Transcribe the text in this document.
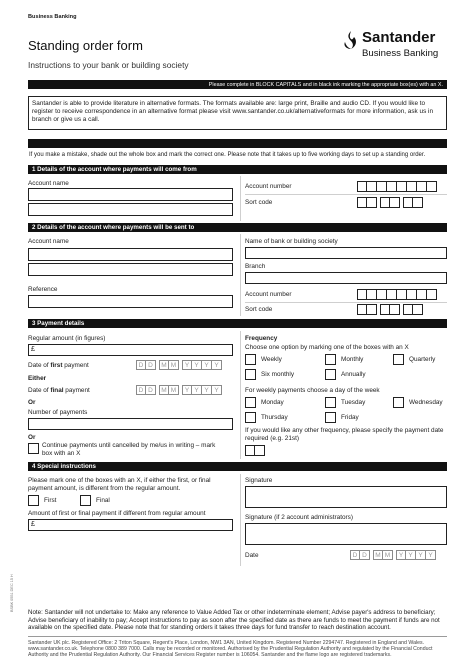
Business Banking
Standing order form
Instructions to your bank or building society
Santander
Business Banking
Please complete in BLOCK CAPITALS and in black ink marking the appropriate box(es) with an X.
Santander is able to provide literature in alternative formats. The formats available are: large print, Braille and audio CD. If you would like to register to receive correspondence in an alternative format please visit www.santander.co.uk/alternativeformats for more information, ask us in branch or give us a call.
If you make a mistake, shade out the whole box and mark the correct one. Please note that it takes up to five working days to set up a standing order.
1 Details of the account where payments will come from
Account name	Account number
Sort code
2 Details of the account where payments will be sent to
Account name
Reference
Name of bank or building society
Branch
Account number
Sort code
3 Payment details
Regular amount (in figures)
£
Date of first payment	D D	M M	Y Y Y Y
Either
Date of final payment	D D	M M	Y Y Y Y
Or
Number of payments
Or
Continue payments until cancelled by me/us in writing – mark box with an X
Frequency
Choose one option by marking one of the boxes with an X
Weekly	Monthly	Quarterly
Six monthly	Annually
For weekly payments choose a day of the week
Monday	Tuesday	Wednesday
Thursday	Friday
If you would like any other frequency, please specify the payment date required (e.g. 21st)
4 Special instructions
Please mark one of the boxes with an X, if either the first, or final payment amount, is different from the regular amount.
First	Final
Amount of first or final payment if different from regular amount
£
Signature
Signature (if 2 account administrators)
Date	D D	M M	Y Y Y Y
Note: Santander will not undertake to: Make any reference to Value Added Tax or other indeterminate element; Advise payer's address to beneficiary; Advise beneficiary of inability to pay; Accept instructions to pay as soon after the specified date as there are funds to meet the payment if funds are not available on the specified date. Please note that for standing orders it takes three days for fund transfer to reach destination account.
Santander UK plc. Registered Office: 2 Triton Square, Regent's Place, London, NW1 3AN, United Kingdom. Registered Number 2294747. Registered in England and Wales. www.santander.co.uk. Telephone 0800 389 7000. Calls may be recorded or monitored. Authorised by the Prudential Regulation Authority and regulated by the Financial Conduct Authority and the Prudential Regulation Authority. Our Financial Services Register number is 106054. Santander and the flame logo are registered trademarks.
BSBK 0551 DEC 15 H
